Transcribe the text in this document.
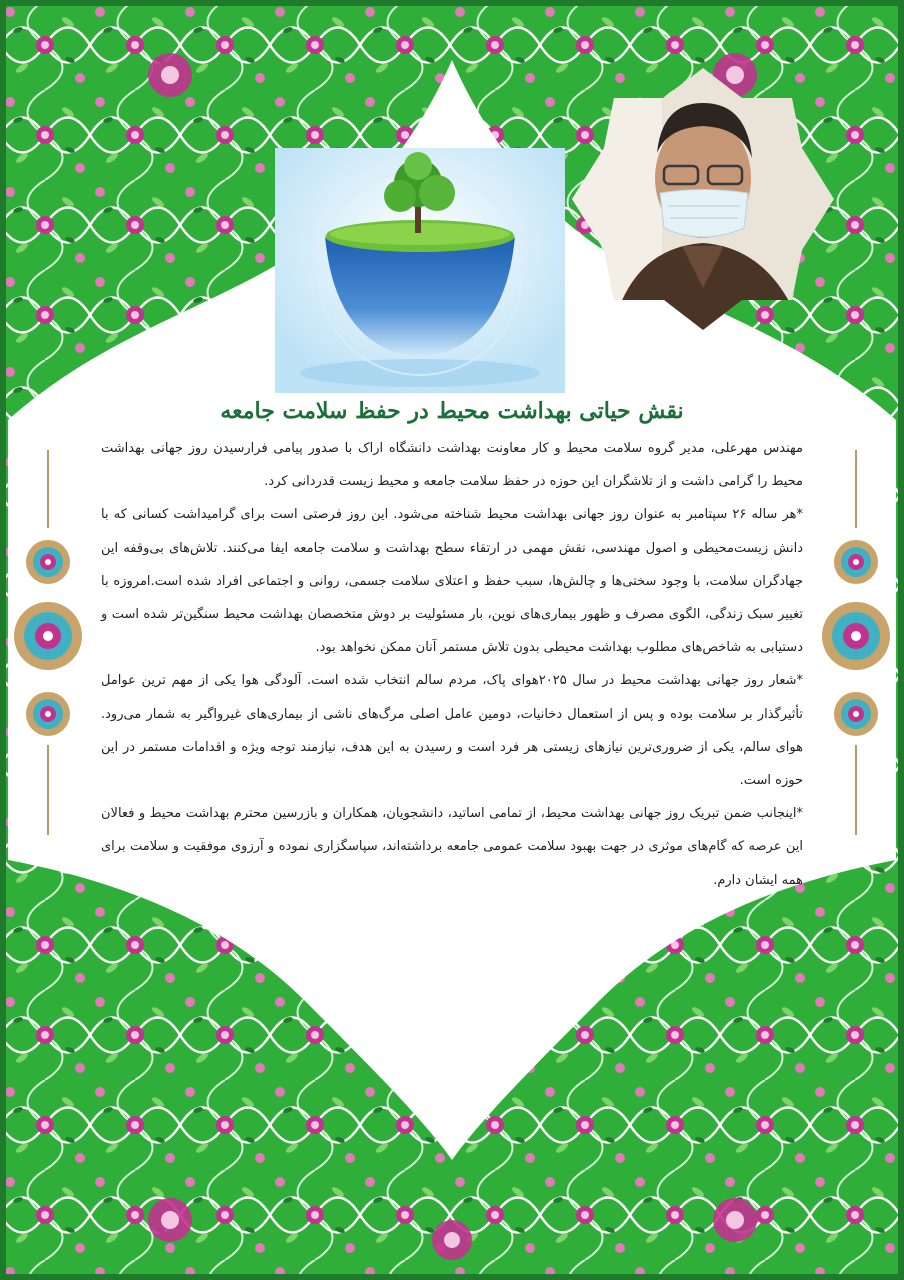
نقش حیاتی بهداشت محیط در حفظ سلامت جامعه

مهندس مهرعلی، مدیر گروه سلامت محیط و کار معاونت بهداشت دانشگاه اراک با صدور پیامی فرارسیدن روز جهانی بهداشت محیط را گرامی داشت و از تلاشگران این حوزه در حفظ سلامت جامعه و محیط زیست قدردانی کرد.

*هر ساله ۲۶ سپتامبر به عنوان روز جهانی بهداشت محیط شناخته می‌شود. این روز فرصتی است برای گرامیداشت کسانی که با دانش زیست‌محیطی و اصول مهندسی، نقش مهمی در ارتقاء سطح بهداشت و سلامت جامعه ایفا می‌کنند. تلاش‌های بی‌وقفه این جهادگران سلامت، با وجود سختی‌ها و چالش‌ها، سبب حفظ و اعتلای سلامت جسمی، روانی و اجتماعی افراد شده است.امروزه با تغییر سبک زندگی، الگوی مصرف و ظهور بیماری‌های نوین، بار مسئولیت بر دوش متخصصان بهداشت محیط سنگین‌تر شده است و دستیابی به شاخص‌های مطلوب بهداشت محیطی بدون تلاش مستمر آنان ممکن نخواهد بود.

*شعار روز جهانی بهداشت محیط در سال ۲۰۲۵هوای پاک، مردم سالم انتخاب شده است. آلودگی هوا یکی از مهم ترین عوامل تأثیرگذار بر سلامت بوده و پس از استعمال دخانیات، دومین عامل اصلی مرگ‌های ناشی از بیماری‌های غیرواگیر به شمار می‌رود. هوای سالم، یکی از ضروری‌ترین نیازهای زیستی هر فرد است و رسیدن به این هدف، نیازمند توجه ویژه و اقدامات مستمر در این حوزه است.

*اینجانب ضمن تبریک روز جهانی بهداشت محیط، از تمامی اساتید، دانشجویان، همکاران و بازرسین محترم بهداشت محیط و فعالان این عرصه که گام‌های موثری در جهت بهبود سلامت عمومی جامعه برداشته‌اند، سپاسگزاری نموده و آرزوی موفقیت و سلامت برای همه ایشان دارم.
